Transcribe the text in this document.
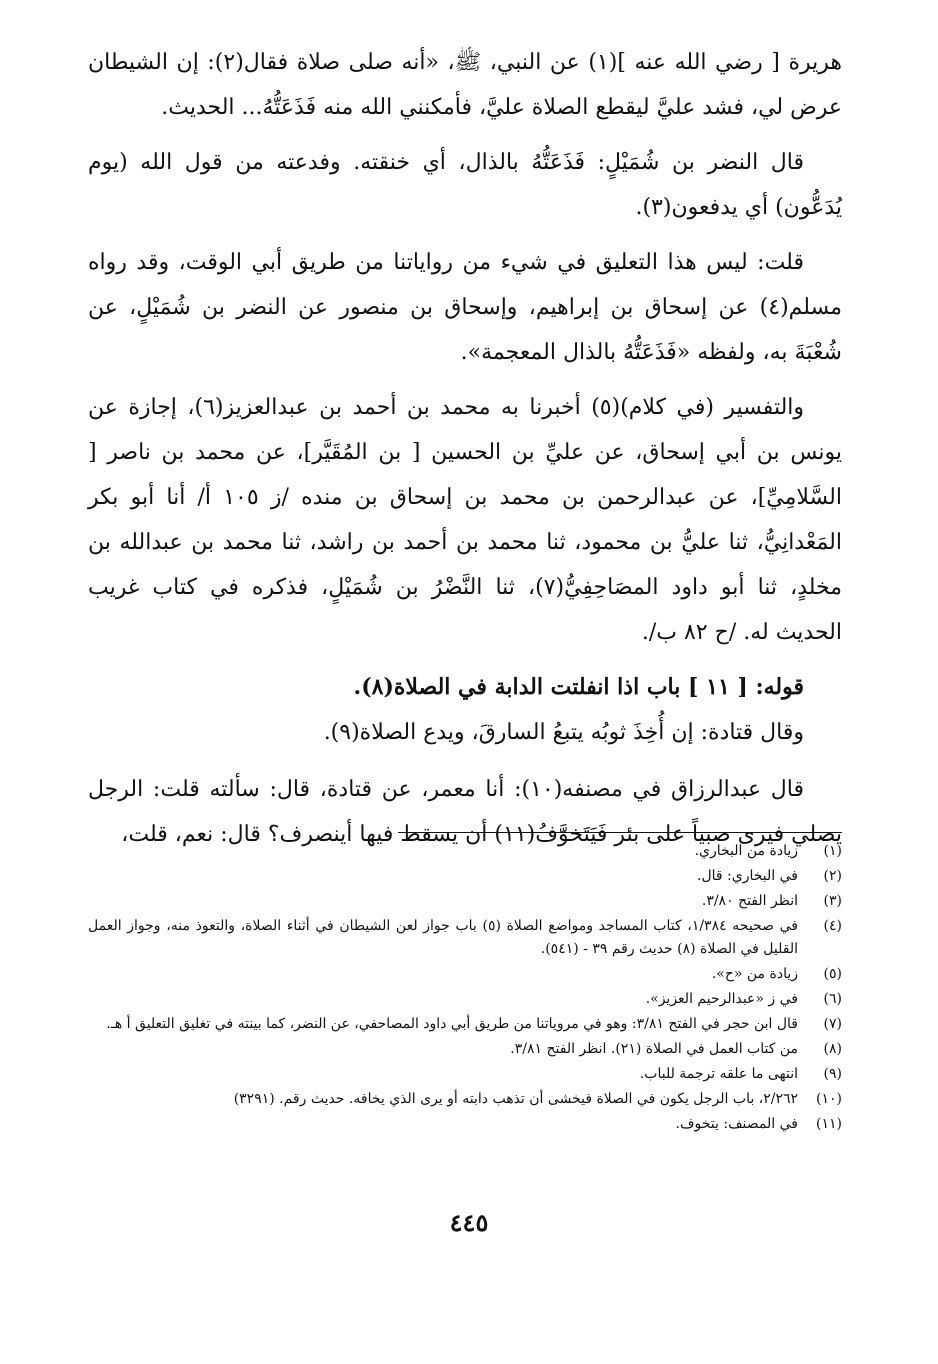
هريرة [ رضي الله عنه ](١) عن النبي، ﷺ، «أنه صلى صلاة فقال(٢): إن الشيطان عرض لي، فشد عليَّ ليقطع الصلاة عليَّ، فأمكنني الله منه فَذَعَتُّهُ... الحديث.

قال النضر بن شُمَيْلٍ: فَذَعَتُّهُ بالذال، أي خنقته. وفدعته من قول الله (يوم يُدَعُّون) أي يدفعون(٣).

قلت: ليس هذا التعليق في شيء من رواياتنا من طريق أبي الوقت، وقد رواه مسلم(٤) عن إسحاق بن إبراهيم، وإسحاق بن منصور عن النضر بن شُمَيْلٍ، عن شُعْبَةَ به، ولفظه «فَذَعَتُّهُ بالذال المعجمة».

والتفسير (في كلام)(٥) أخبرنا به محمد بن أحمد بن عبدالعزيز(٦)، إجازة عن يونس بن أبي إسحاق، عن عليِّ بن الحسين [ بن المُقَيَّر]، عن محمد بن ناصر [ السَّلامِيِّ]، عن عبدالرحمن بن محمد بن إسحاق بن منده /ز ١٠٥ أ/ أنا أبو بكر المَعْدانِيُّ، ثنا عليُّ بن محمود، ثنا محمد بن أحمد بن راشد، ثنا محمد بن عبدالله بن مخلدٍ، ثنا أبو داود المصَاحِفِيُّ(٧)، ثنا النَّضْرُ بن شُمَيْلٍ، فذكره في كتاب غريب الحديث له. /ح ٨٢ ب/.

قوله: [ ١١ ] باب اذا انفلتت الدابة في الصلاة(٨).

وقال قتادة: إن أُخِذَ ثوبُه يتبعُ السارقَ، ويدع الصلاة(٩).

قال عبدالرزاق في مصنفه(١٠): أنا معمر، عن قتادة، قال: سألته قلت: الرجل يصلي فيرى صبياً على بئر فَيَتَخوَّفُ(١١) أن يسقط فيها أينصرف؟ قال: نعم، قلت،

(١)
زيادة من البخاري.
(٢)
في البخاري: قال.
(٣)
انظر الفتح ٣/٨٠.
(٤)
في صحيحه ١/٣٨٤، كتاب المساجد ومواضع الصلاة (٥) باب جواز لعن الشيطان في أثناء الصلاة، والتعوذ منه، وجواز العمل القليل في الصلاة (٨) حديث رقم ٣٩ - (٥٤١).
(٥)
زيادة من «ح».
(٦)
في ز «عبدالرحيم العزيز».
(٧)
قال ابن حجر في الفتح ٣/٨١: وهو في مروياتنا من طريق أبي داود المصاحفي، عن النضر، كما بينته في تغليق التعليق أ هـ.
(٨)
من كتاب العمل في الصلاة (٢١). انظر الفتح ٣/٨١.
(٩)
انتهى ما علقه ترجمة للباب.
(١٠)
٢/٢٦٢، باب الرجل يكون في الصلاة فيخشى أن تذهب دابته أو يرى الذي يخافه. حديث رقم. (٣٢٩١)
(١١)
في المصنف: يتخوف.
٤٤٥
